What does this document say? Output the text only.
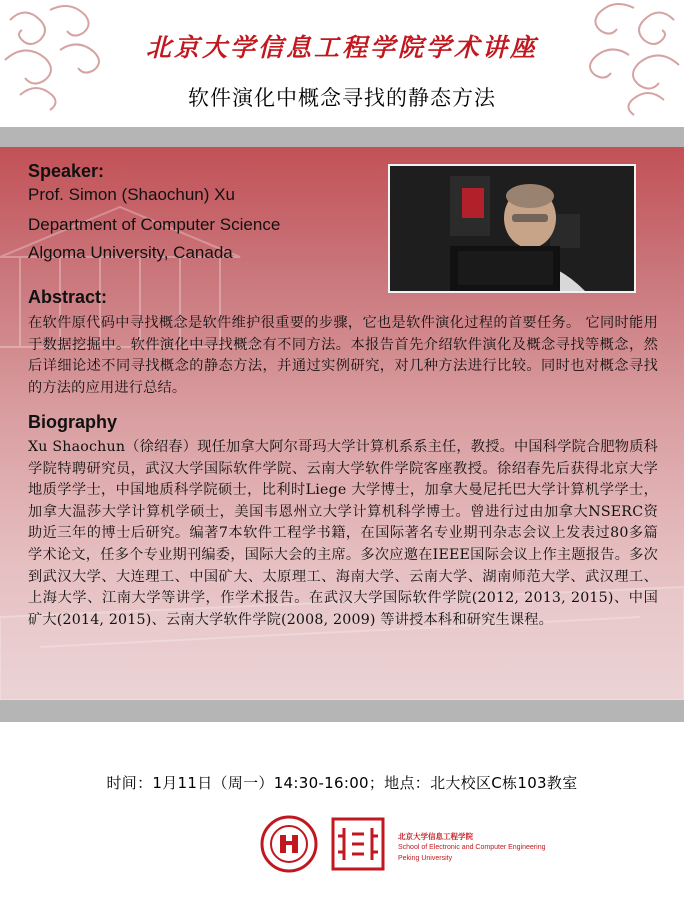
北京大学信息工程学院学术讲座
软件演化中概念寻找的静态方法
Speaker:
Prof. Simon (Shaochun) Xu
Department of Computer Science
Algoma University, Canada
Abstract:
在软件原代码中寻找概念是软件维护很重要的步骤，它也是软件演化过程的首要任务。 它同时能用于数据挖掘中。软件演化中寻找概念有不同方法。本报告首先介绍软件演化及概念寻找等概念，然后详细论述不同寻找概念的静态方法，并通过实例研究，对几种方法进行比较。同时也对概念寻找的方法的应用进行总结。
Biography
Xu Shaochun（徐绍春）现任加拿大阿尔哥玛大学计算机系系主任，教授。中国科学院合肥物质科学院特聘研究员，武汉大学国际软件学院、云南大学软件学院客座教授。徐绍春先后获得北京大学地质学学士，中国地质科学院硕士，比利时Liege 大学博士，加拿大曼尼托巴大学计算机学学士，加拿大温莎大学计算机学硕士，美国韦恩州立大学计算机科学博士。曾进行过由加拿大NSERC资助近三年的博士后研究。编著7本软件工程学书籍，在国际著名专业期刊杂志会议上发表过80多篇学术论文，任多个专业期刊编委，国际大会的主席。多次应邀在IEEE国际会议上作主题报告。多次到武汉大学、大连理工、中国矿大、太原理工、海南大学、云南大学、湖南师范大学、武汉理工、上海大学、江南大学等讲学，作学术报告。在武汉大学国际软件学院(2012, 2013, 2015)、中国矿大(2014, 2015)、云南大学软件学院(2008, 2009) 等讲授本科和研究生课程。
时间：1月11日（周一）14:30-16:00；地点：北大校区C栋103教室
北京大学信息工程学院
School of Electronic and Computer Engineering
Peking University
